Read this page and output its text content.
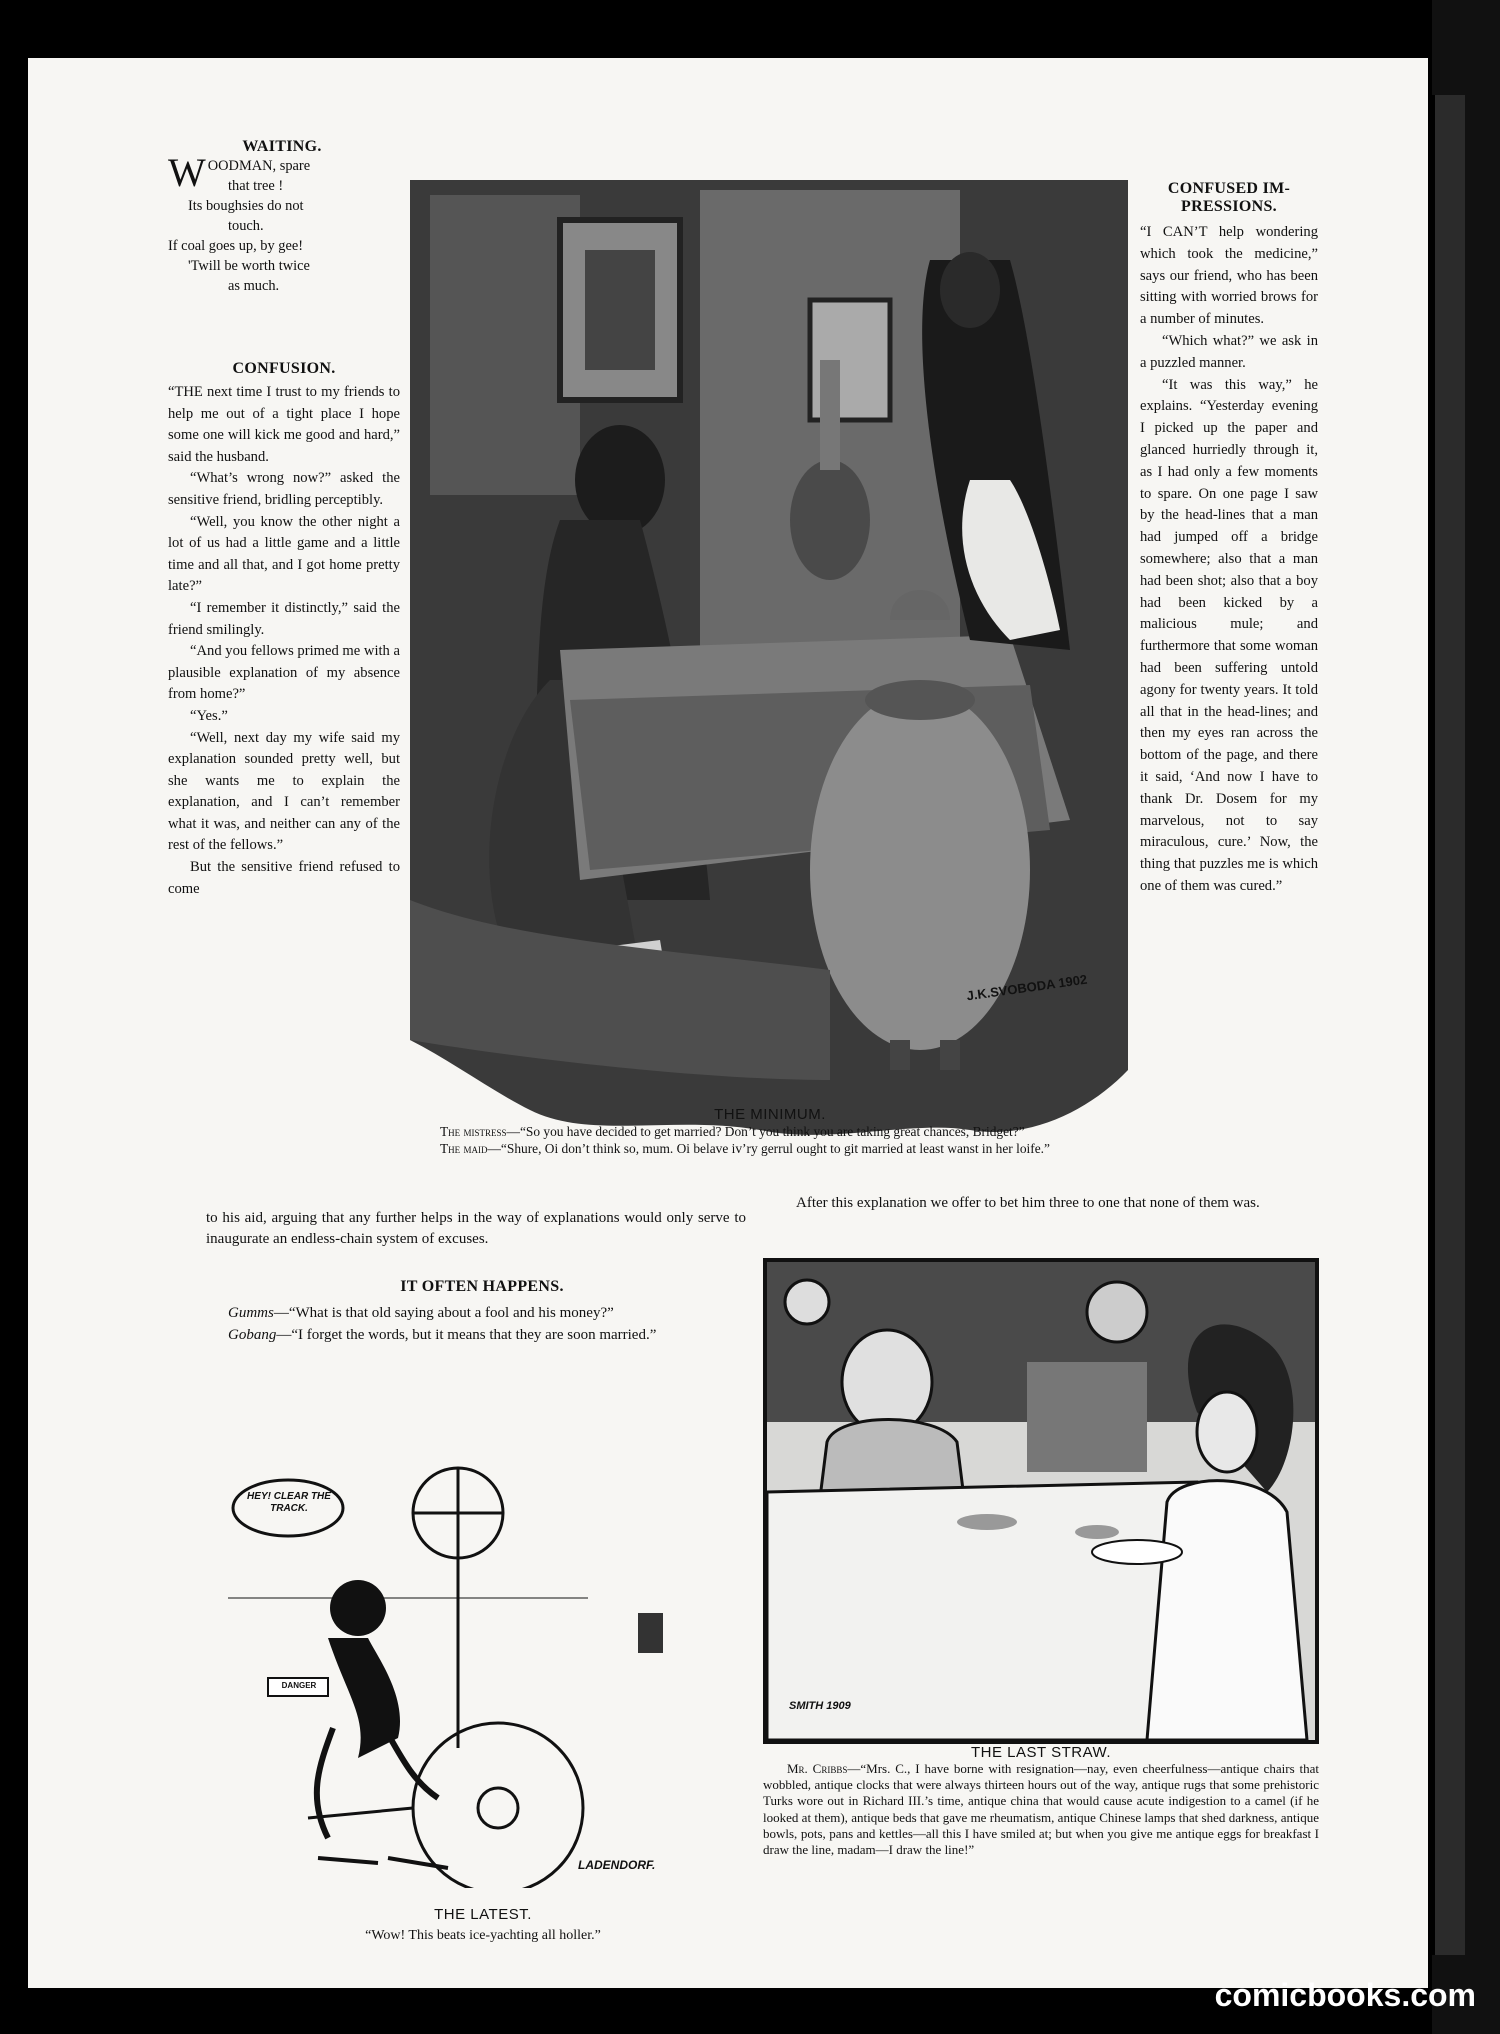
WAITING.
WOODMAN, spare
that tree !
Its boughsies do not
touch.
If coal goes up, by gee!
'Twill be worth twice
as much.
CONFUSION.

“THE next time I trust to my friends to help me out of a tight place I hope some one will kick me good and hard,” said the husband.

“What’s wrong now?” asked the sensitive friend, bridling perceptibly.

“Well, you know the other night a lot of us had a little game and a little time and all that, and I got home pretty late?”

“I remember it distinctly,” said the friend smilingly.

“And you fellows primed me with a plausible explanation of my absence from home?”

“Yes.”

“Well, next day my wife said my explanation sounded pretty well, but she wants me to explain the explanation, and I can’t remember what it was, and neither can any of the rest of the fellows.”

But the sensitive friend refused to come

to his aid, arguing that any further helps in the way of explanations would only serve to inaugurate an endless-chain system of excuses.
J.K.SVOBODA 1902
THE MINIMUM.
The mistress—“So you have decided to get married? Don’t you think you are taking great chances, Bridget?”
The maid—“Shure, Oi don’t think so, mum. Oi belave iv’ry gerrul ought to git married at least wanst in her loife.”
CONFUSED IM-
PRESSIONS.

“I CAN’T help wondering which took the medicine,” says our friend, who has been sitting with worried brows for a number of minutes.

“Which what?” we ask in a puzzled manner.

“It was this way,” he explains. “Yesterday evening I picked up the paper and glanced hurriedly through it, as I had only a few moments to spare. On one page I saw by the head-lines that a man had jumped off a bridge somewhere; also that a man had been shot; also that a boy had been kicked by a malicious mule; and furthermore that some woman had been suffering untold agony for twenty years. It told all that in the head-lines; and then my eyes ran across the bottom of the page, and there it said, ‘And now I have to thank Dr. Dosem for my marvelous, not to say miraculous, cure.’ Now, the thing that puzzles me is which one of them was cured.”

After this explanation we offer to bet him three to one that none of them was.
IT OFTEN HAPPENS.

Gumms—“What is that old saying about a fool and his money?”

Gobang—“I forget the words, but it means that they are soon married.”

HEY! CLEAR THE TRACK.
DANGER
LADENDORF.
THE LATEST.
“Wow! This beats ice-yachting all holler.”
SMITH 1909
THE LAST STRAW.
Mr. Cribbs—“Mrs. C., I have borne with resignation—nay, even cheerfulness—antique chairs that wobbled, antique clocks that were always thirteen hours out of the way, antique rugs that some prehistoric Turks wore out in Richard III.’s time, antique china that would cause acute indigestion to a camel (if he looked at them), antique beds that gave me rheumatism, antique Chinese lamps that shed darkness, antique bowls, pots, pans and kettles—all this I have smiled at; but when you give me antique eggs for breakfast I draw the line, madam—I draw the line!”
comicbooks.com
